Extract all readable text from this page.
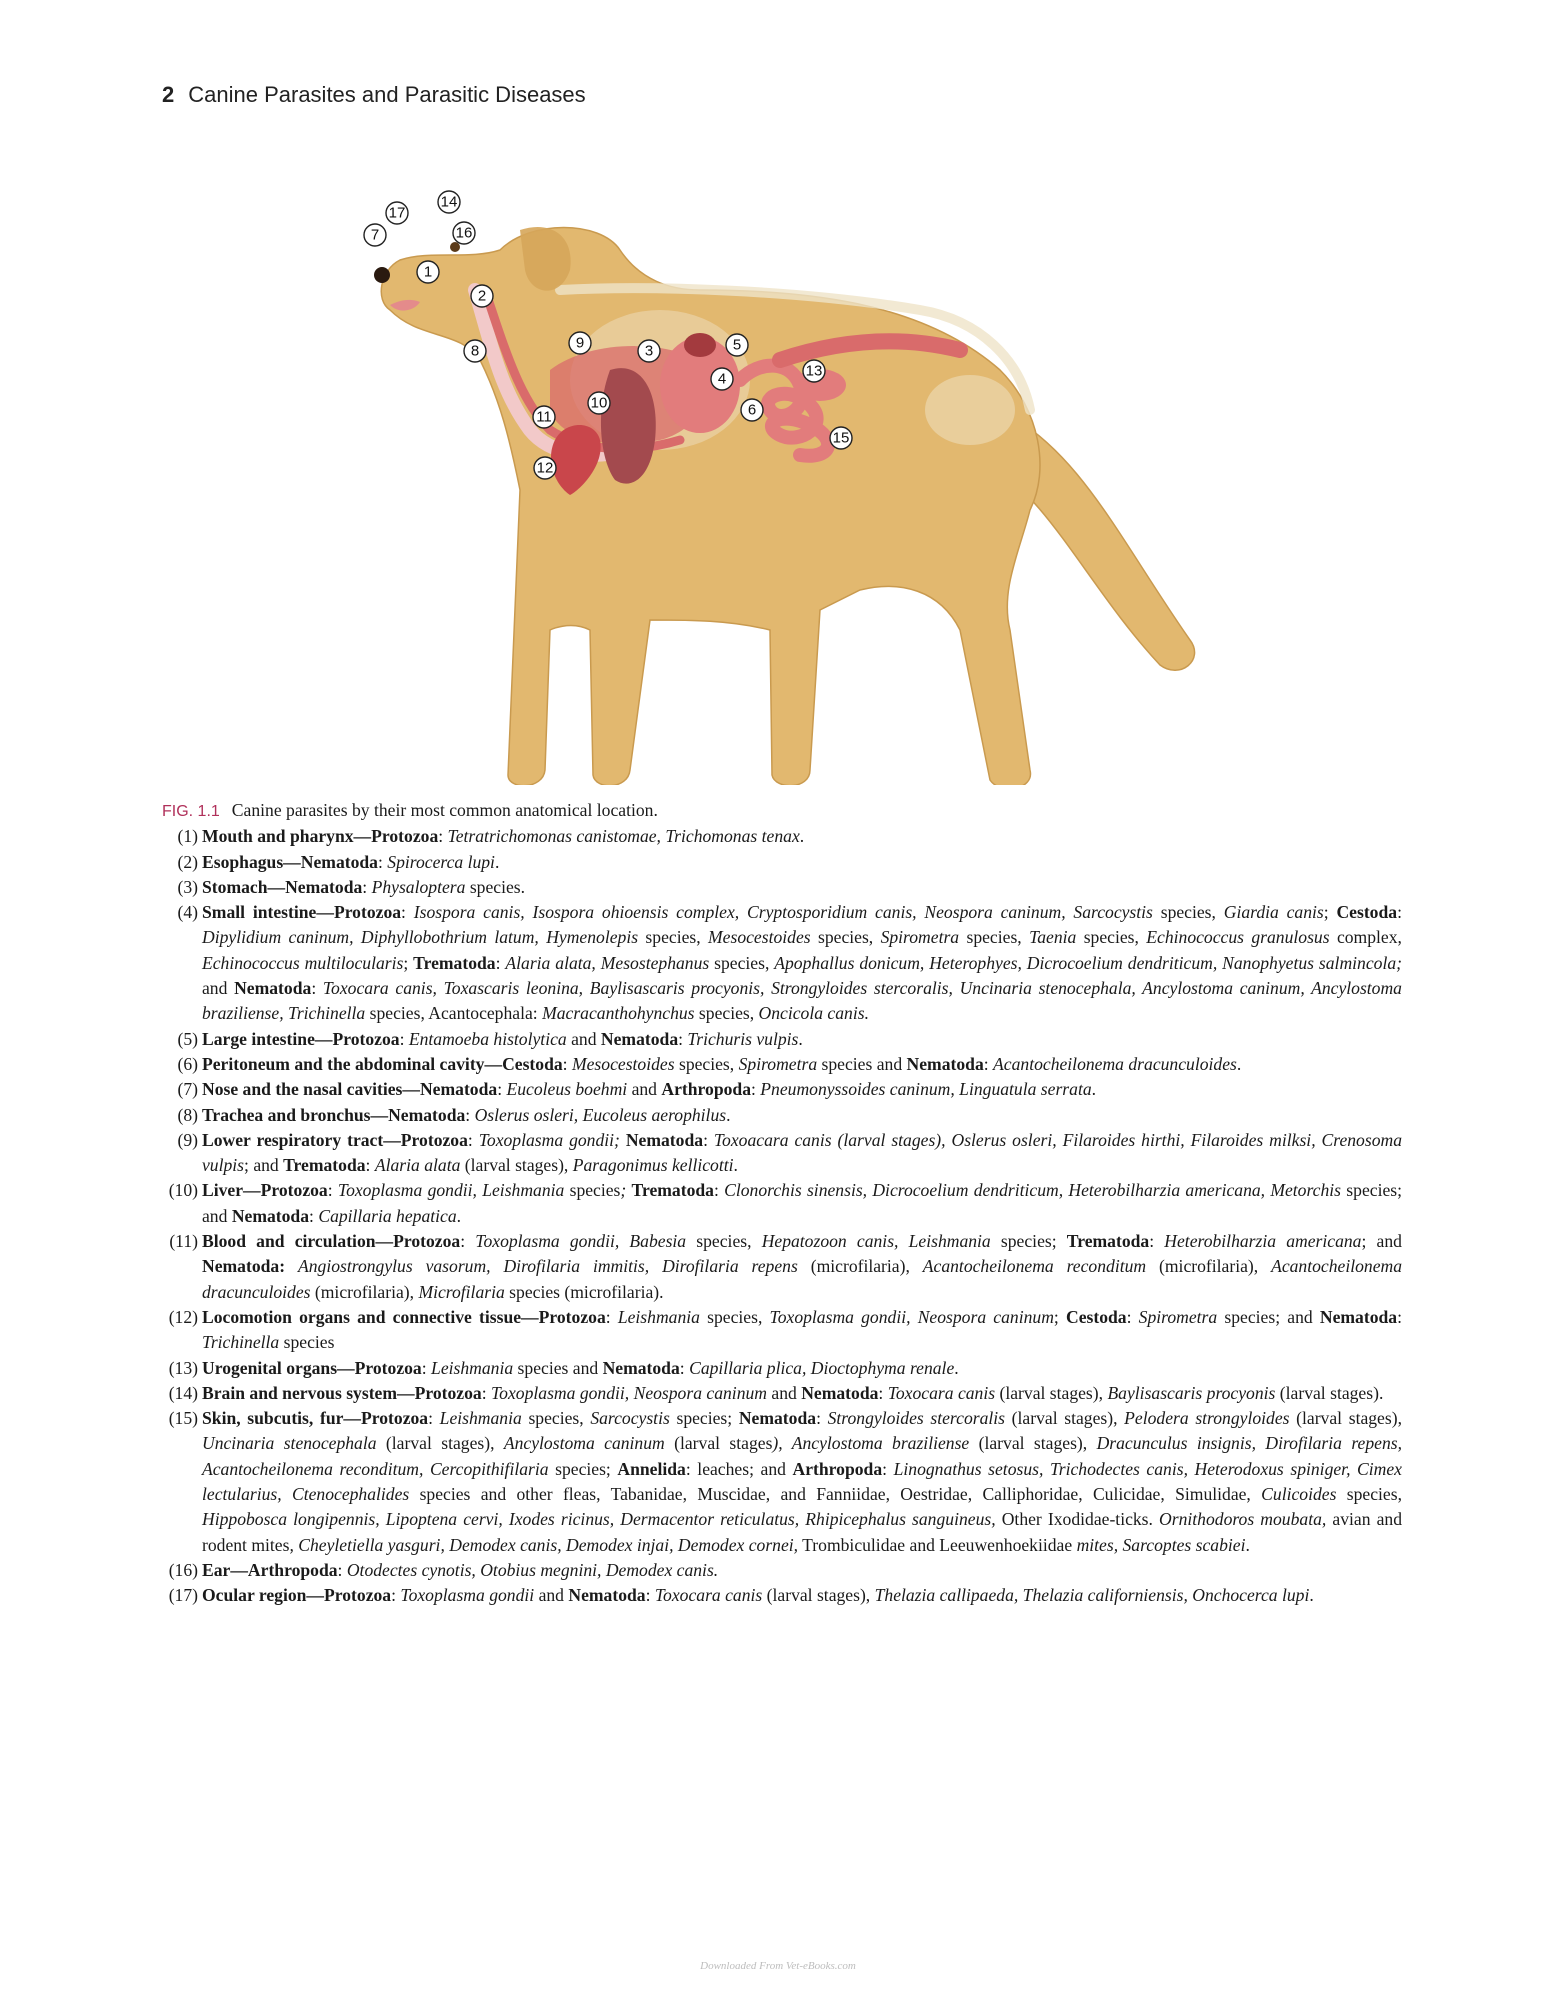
2 Canine Parasites and Parasitic Diseases
1
2
3
4
5
6
7
8	9
10
11
12
13
14
15
16
17
FIG. 1.1 Canine parasites by their most common anatomical location.
(1) Mouth and pharynx—Protozoa: Tetratrichomonas canistomae, Trichomonas tenax.
(2) Esophagus—Nematoda: Spirocerca lupi.
(3) Stomach—Nematoda: Physaloptera species.
(4) Small intestine—Protozoa: Isospora canis, Isospora ohioensis complex, Cryptosporidium canis, Neospora caninum, Sarcocystis species, Giardia canis; Cestoda: Dipylidium caninum, Diphyllobothrium latum, Hymenolepis species, Mesocestoides species, Spirometra species, Taenia species, Echinococcus granulosus complex, Echinococcus multilocularis; Trematoda: Alaria alata, Mesostephanus species, Apophallus donicum, Heterophyes, Dicrocoelium dendriticum, Nanophyetus salmincola; and Nematoda: Toxocara canis, Toxascaris leonina, Baylisascaris procyonis, Strongyloides stercoralis, Uncinaria stenocephala, Ancylostoma caninum, Ancylostoma braziliense, Trichinella species, Acantocephala: Macracanthohynchus species, Oncicola canis.
(5) Large intestine—Protozoa: Entamoeba histolytica and Nematoda: Trichuris vulpis.
(6) Peritoneum and the abdominal cavity—Cestoda: Mesocestoides species, Spirometra species and Nematoda: Acantocheilonema dracunculoides.
(7) Nose and the nasal cavities—Nematoda: Eucoleus boehmi and Arthropoda: Pneumonyssoides caninum, Linguatula serrata.
(8) Trachea and bronchus—Nematoda: Oslerus osleri, Eucoleus aerophilus.
(9) Lower respiratory tract—Protozoa: Toxoplasma gondii; Nematoda: Toxoacara canis (larval stages), Oslerus osleri, Filaroides hirthi, Filaroides milksi, Crenosoma vulpis; and Trematoda: Alaria alata (larval stages), Paragonimus kellicotti.
(10) Liver—Protozoa: Toxoplasma gondii, Leishmania species; Trematoda: Clonorchis sinensis, Dicrocoelium dendriticum, Heterobilharzia americana, Metorchis species; and Nematoda: Capillaria hepatica.
(11) Blood and circulation—Protozoa: Toxoplasma gondii, Babesia species, Hepatozoon canis, Leishmania species; Trematoda: Heterobilharzia americana; and Nematoda: Angiostrongylus vasorum, Dirofilaria immitis, Dirofilaria repens (microfilaria), Acantocheilonema reconditum (microfilaria), Acantocheilonema dracunculoides (microfilaria), Microfilaria species (microfilaria).
(12) Locomotion organs and connective tissue—Protozoa: Leishmania species, Toxoplasma gondii, Neospora caninum; Cestoda: Spirometra species; and Nematoda: Trichinella species
(13) Urogenital organs—Protozoa: Leishmania species and Nematoda: Capillaria plica, Dioctophyma renale.
(14) Brain and nervous system—Protozoa: Toxoplasma gondii, Neospora caninum and Nematoda: Toxocara canis (larval stages), Baylisascaris procyonis (larval stages).
(15) Skin, subcutis, fur—Protozoa: Leishmania species, Sarcocystis species; Nematoda: Strongyloides stercoralis (larval stages), Pelodera strongyloides (larval stages), Uncinaria stenocephala (larval stages), Ancylostoma caninum (larval stages), Ancylostoma braziliense (larval stages), Dracunculus insignis, Dirofilaria repens, Acantocheilonema reconditum, Cercopithifilaria species; Annelida: leaches; and Arthropoda: Linognathus setosus, Trichodectes canis, Heterodoxus spiniger, Cimex lectularius, Ctenocephalides species and other fleas, Tabanidae, Muscidae, and Fanniidae, Oestridae, Calliphoridae, Culicidae, Simulidae, Culicoides species, Hippobosca longipennis, Lipoptena cervi, Ixodes ricinus, Dermacentor reticulatus, Rhipicephalus sanguineus, Other Ixodidae-ticks. Ornithodoros moubata, avian and rodent mites, Cheyletiella yasguri, Demodex canis, Demodex injai, Demodex cornei, Trombiculidae and Leeuwenhoekiidae mites, Sarcoptes scabiei.
(16) Ear—Arthropoda: Otodectes cynotis, Otobius megnini, Demodex canis.
(17) Ocular region—Protozoa: Toxoplasma gondii and Nematoda: Toxocara canis (larval stages), Thelazia callipaeda, Thelazia californiensis, Onchocerca lupi.
Downloaded From Vet-eBooks.com
